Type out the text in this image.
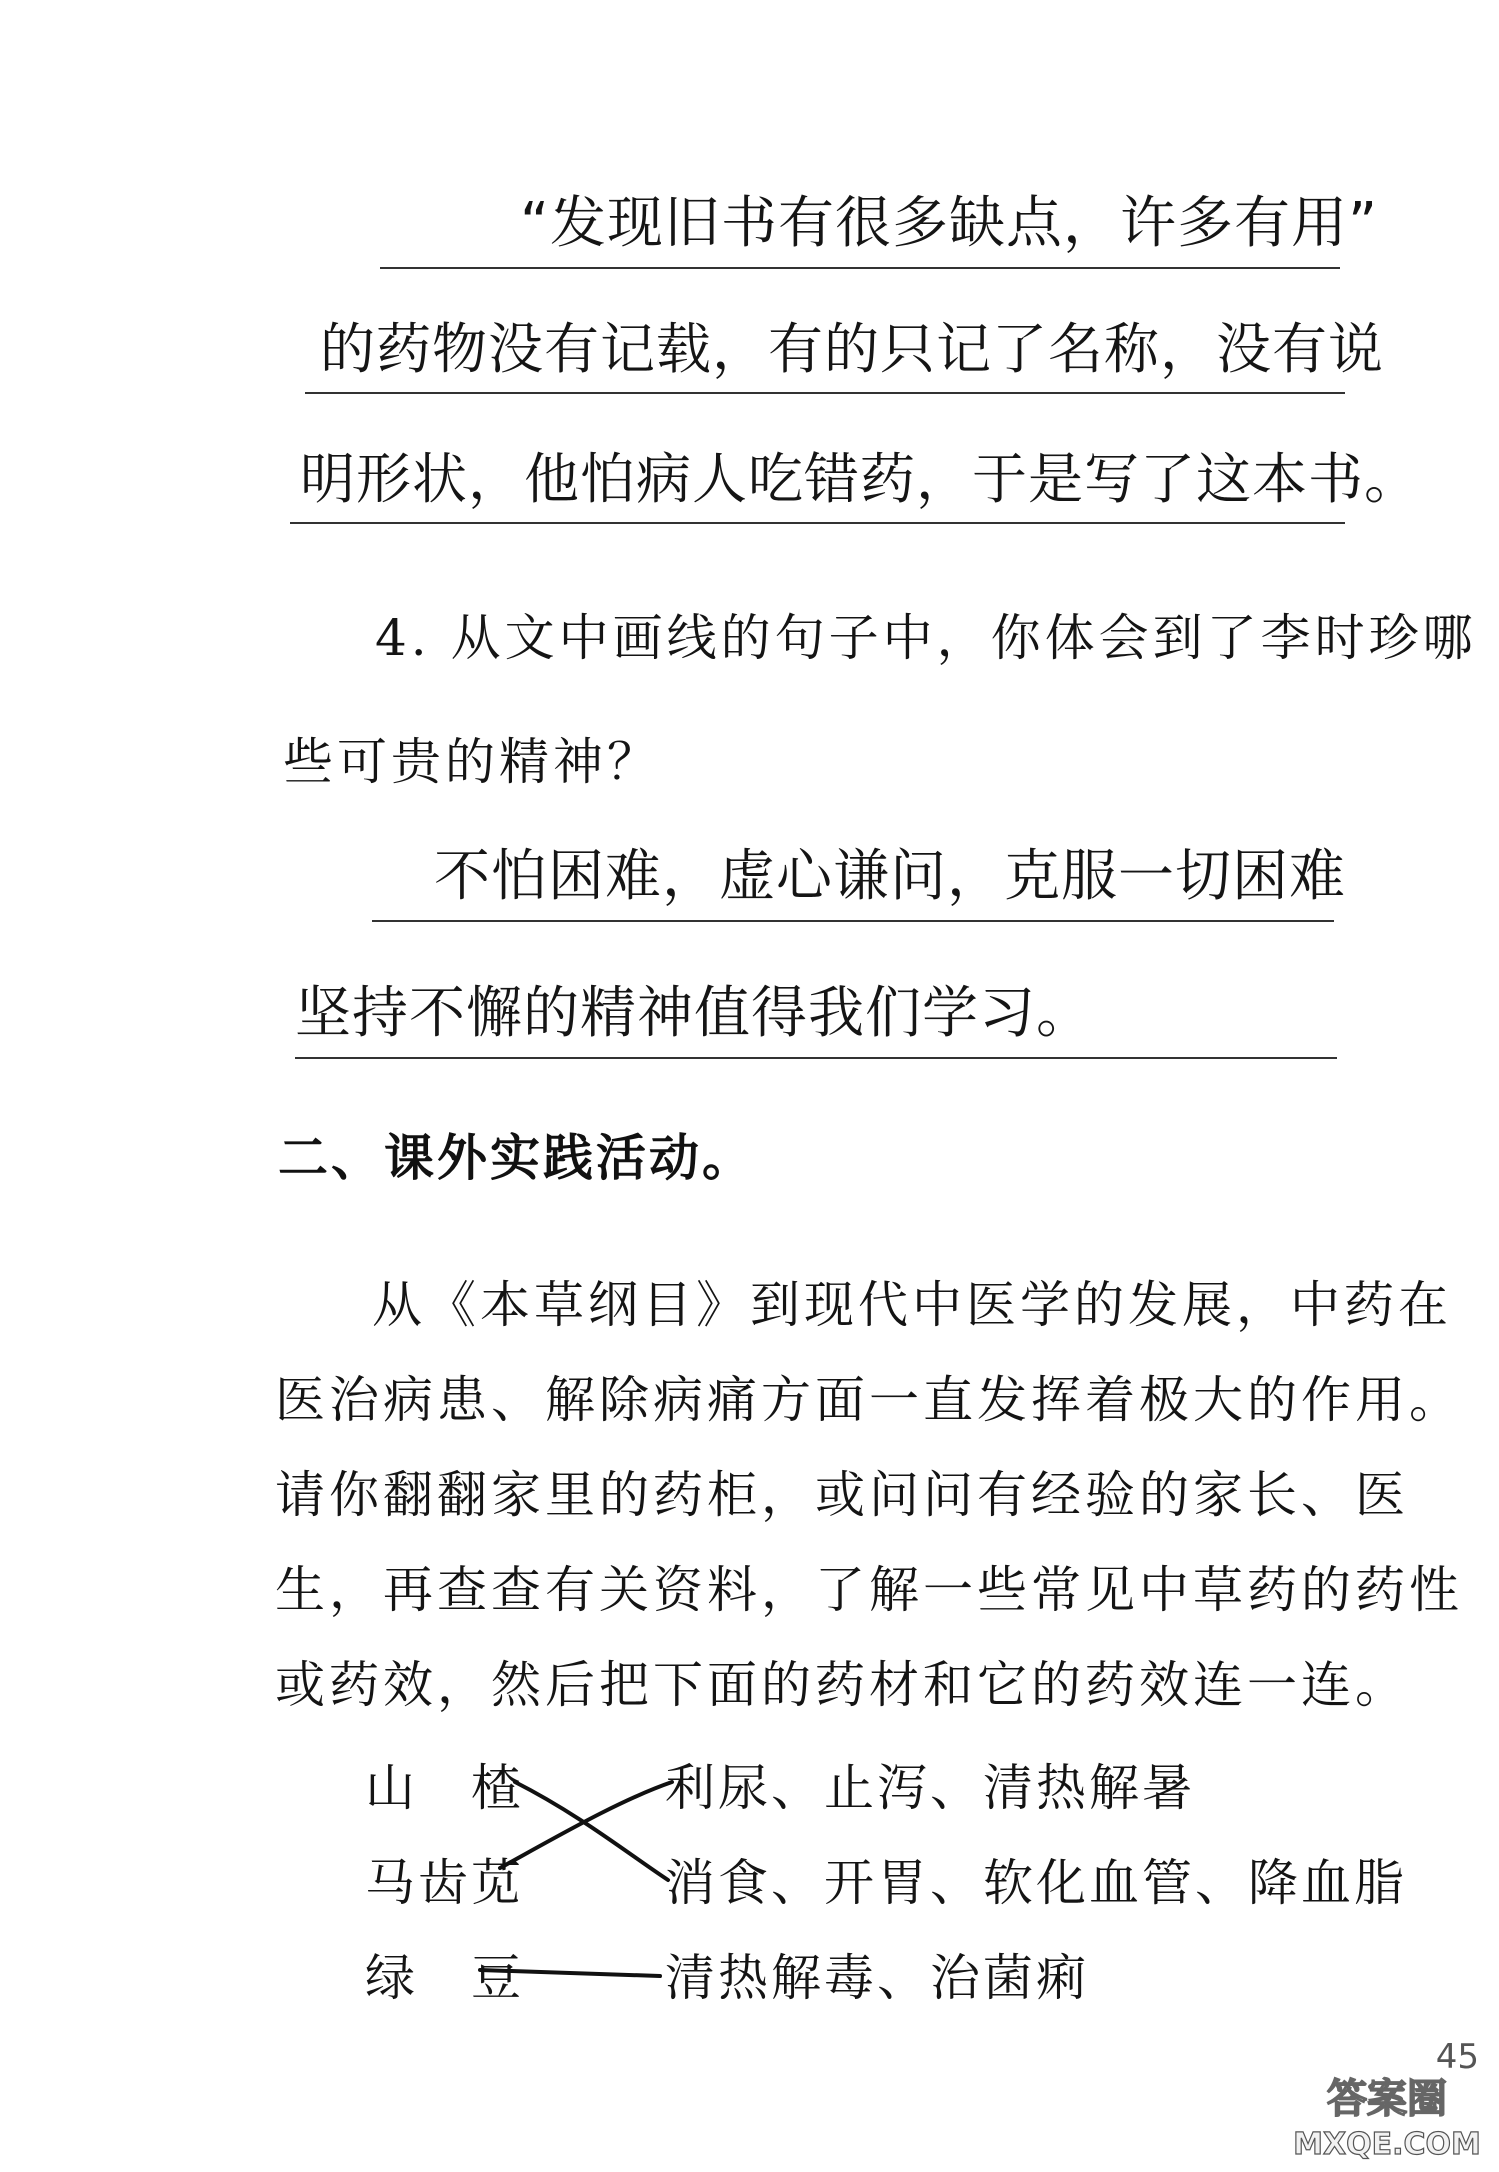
“发现旧书有很多缺点，许多有用”
的药物没有记载，有的只记了名称，没有说
明形状，他怕病人吃错药，于是写了这本书。
4. 从文中画线的句子中，你体会到了李时珍哪
些可贵的精神？
不怕困难，虚心谦问，克服一切困难
坚持不懈的精神值得我们学习。
二、课外实践活动。
从《本草纲目》到现代中医学的发展，中药在
医治病患、解除病痛方面一直发挥着极大的作用。
请你翻翻家里的药柜，或问问有经验的家长、医
生，再查查有关资料，了解一些常见中草药的药性
或药效，然后把下面的药材和它的药效连一连。
山　楂
马齿苋
绿　豆
利尿、止泻、清热解暑
消食、开胃、软化血管、降血脂
清热解毒、治菌痢
45
答案圈
MXQE.COM
